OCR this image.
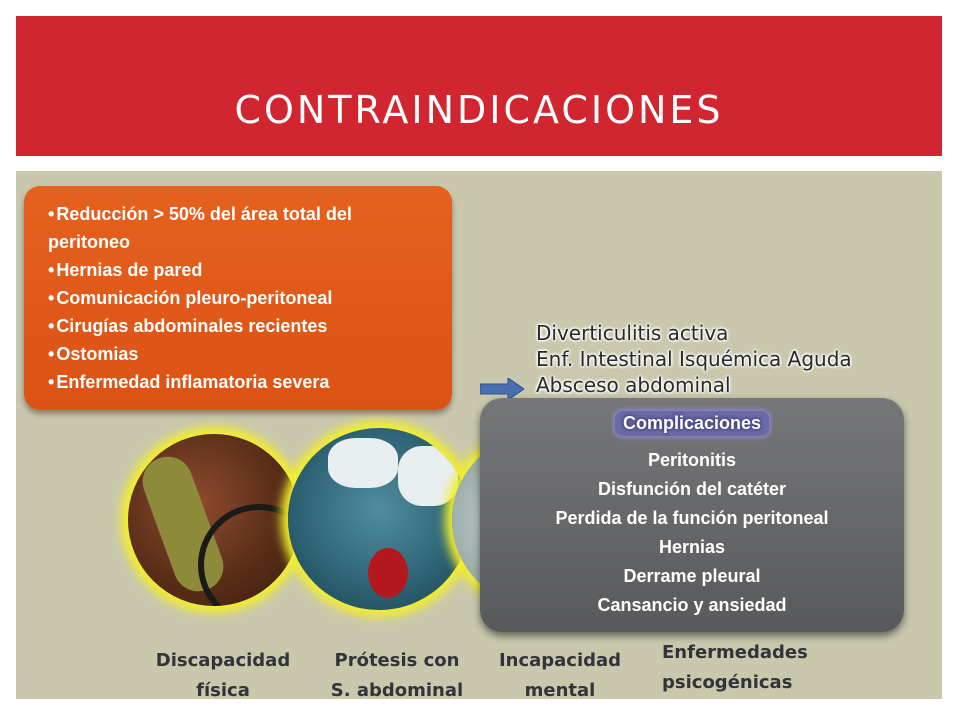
CONTRAINDICACIONES
• Reducción > 50% del área total del peritoneo
• Hernias de pared
• Comunicación pleuro-peritoneal
• Cirugías abdominales recientes
• Ostomias
• Enfermedad inflamatoria severa
Diverticulitis activa
Enf. Intestinal Isquémica Aguda
Absceso abdominal
Discapacidad
física
Prótesis con
S. abdominal
Incapacidad
mental
Enfermedades
psicogénicas
Complicaciones
Peritonitis
Disfunción del catéter
Perdida de la función peritoneal
Hernias
Derrame pleural
Cansancio y ansiedad
